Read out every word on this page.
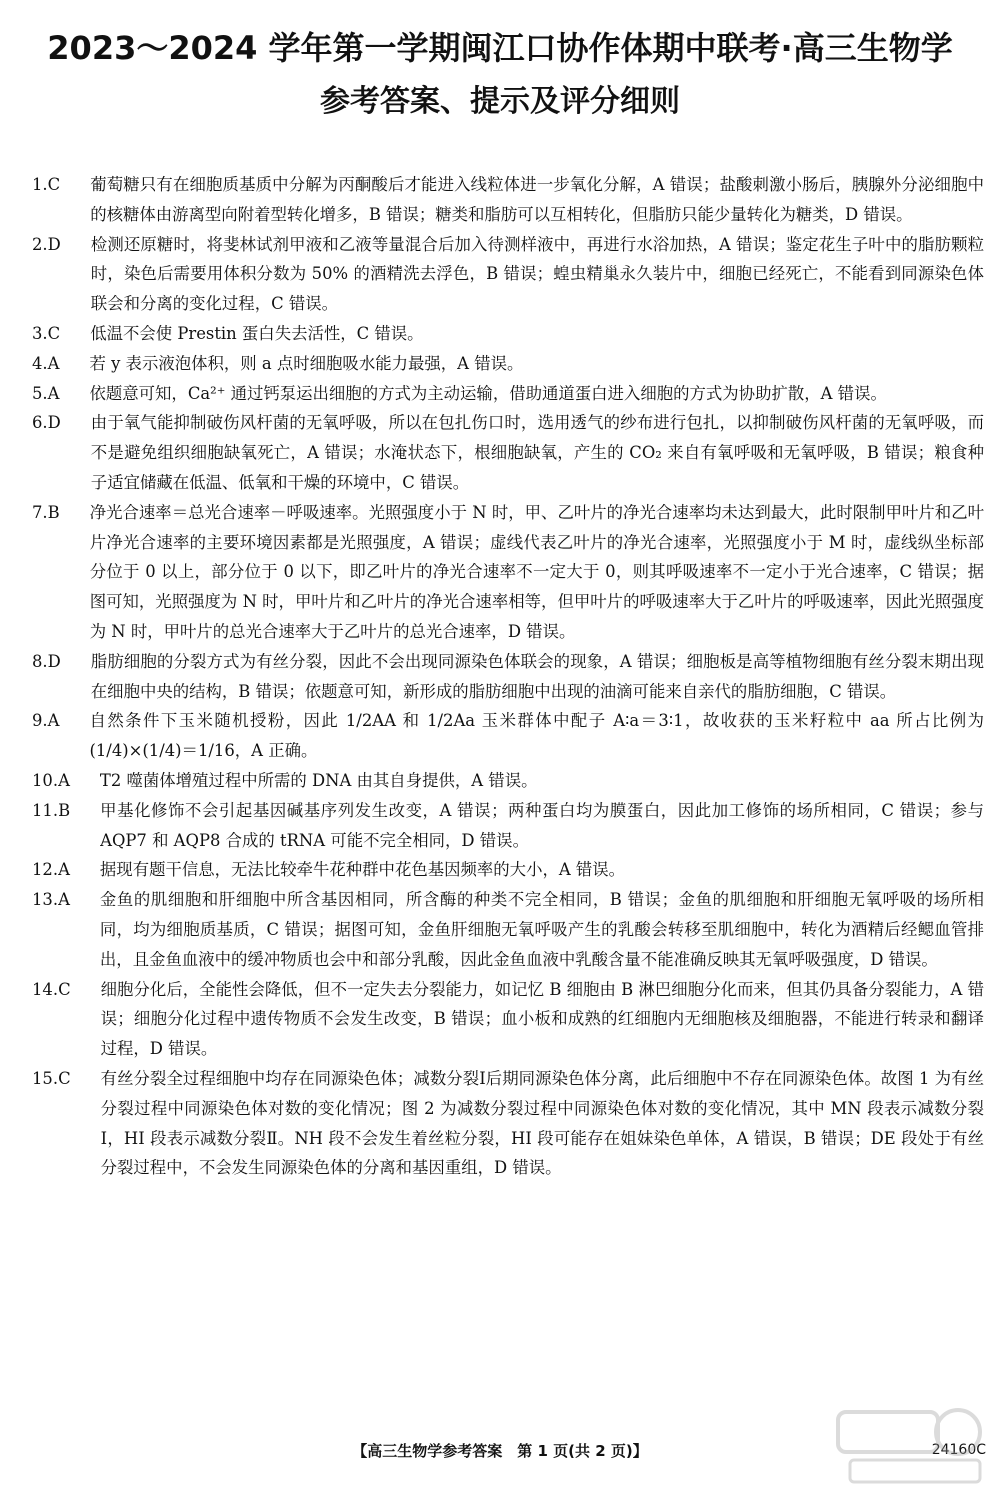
2023～2024 学年第一学期闽江口协作体期中联考·高三生物学
参考答案、提示及评分细则
1.C	葡萄糖只有在细胞质基质中分解为丙酮酸后才能进入线粒体进一步氧化分解，A 错误；盐酸刺激小肠后，胰腺外分泌细胞中的核糖体由游离型向附着型转化增多，B 错误；糖类和脂肪可以互相转化，但脂肪只能少量转化为糖类，D 错误。
2.D	检测还原糖时，将斐林试剂甲液和乙液等量混合后加入待测样液中，再进行水浴加热，A 错误；鉴定花生子叶中的脂肪颗粒时，染色后需要用体积分数为 50% 的酒精洗去浮色，B 错误；蝗虫精巢永久装片中，细胞已经死亡，不能看到同源染色体联会和分离的变化过程，C 错误。
3.C	低温不会使 Prestin 蛋白失去活性，C 错误。
4.A	若 y 表示液泡体积，则 a 点时细胞吸水能力最强，A 错误。
5.A	依题意可知，Ca²⁺ 通过钙泵运出细胞的方式为主动运输，借助通道蛋白进入细胞的方式为协助扩散，A 错误。
6.D	由于氧气能抑制破伤风杆菌的无氧呼吸，所以在包扎伤口时，选用透气的纱布进行包扎，以抑制破伤风杆菌的无氧呼吸，而不是避免组织细胞缺氧死亡，A 错误；水淹状态下，根细胞缺氧，产生的 CO₂ 来自有氧呼吸和无氧呼吸，B 错误；粮食种子适宜储藏在低温、低氧和干燥的环境中，C 错误。
7.B	净光合速率＝总光合速率－呼吸速率。光照强度小于 N 时，甲、乙叶片的净光合速率均未达到最大，此时限制甲叶片和乙叶片净光合速率的主要环境因素都是光照强度，A 错误；虚线代表乙叶片的净光合速率，光照强度小于 M 时，虚线纵坐标部分位于 0 以上，部分位于 0 以下，即乙叶片的净光合速率不一定大于 0，则其呼吸速率不一定小于光合速率，C 错误；据图可知，光照强度为 N 时，甲叶片和乙叶片的净光合速率相等，但甲叶片的呼吸速率大于乙叶片的呼吸速率，因此光照强度为 N 时，甲叶片的总光合速率大于乙叶片的总光合速率，D 错误。
8.D	脂肪细胞的分裂方式为有丝分裂，因此不会出现同源染色体联会的现象，A 错误；细胞板是高等植物细胞有丝分裂末期出现在细胞中央的结构，B 错误；依题意可知，新形成的脂肪细胞中出现的油滴可能来自亲代的脂肪细胞，C 错误。
9.A	自然条件下玉米随机授粉，因此 1/2AA 和 1/2Aa 玉米群体中配子 A∶a＝3∶1，故收获的玉米籽粒中 aa 所占比例为(1/4)×(1/4)＝1/16，A 正确。
10.A	T2 噬菌体增殖过程中所需的 DNA 由其自身提供，A 错误。
11.B	甲基化修饰不会引起基因碱基序列发生改变，A 错误；两种蛋白均为膜蛋白，因此加工修饰的场所相同，C 错误；参与 AQP7 和 AQP8 合成的 tRNA 可能不完全相同，D 错误。
12.A	据现有题干信息，无法比较牵牛花种群中花色基因频率的大小，A 错误。
13.A	金鱼的肌细胞和肝细胞中所含基因相同，所含酶的种类不完全相同，B 错误；金鱼的肌细胞和肝细胞无氧呼吸的场所相同，均为细胞质基质，C 错误；据图可知，金鱼肝细胞无氧呼吸产生的乳酸会转移至肌细胞中，转化为酒精后经鳃血管排出，且金鱼血液中的缓冲物质也会中和部分乳酸，因此金鱼血液中乳酸含量不能准确反映其无氧呼吸强度，D 错误。
14.C	细胞分化后，全能性会降低，但不一定失去分裂能力，如记忆 B 细胞由 B 淋巴细胞分化而来，但其仍具备分裂能力，A 错误；细胞分化过程中遗传物质不会发生改变，B 错误；血小板和成熟的红细胞内无细胞核及细胞器，不能进行转录和翻译过程，D 错误。
15.C	有丝分裂全过程细胞中均存在同源染色体；减数分裂Ⅰ后期同源染色体分离，此后细胞中不存在同源染色体。故图 1 为有丝分裂过程中同源染色体对数的变化情况；图 2 为减数分裂过程中同源染色体对数的变化情况，其中 MN 段表示减数分裂Ⅰ，HI 段表示减数分裂Ⅱ。NH 段不会发生着丝粒分裂，HI 段可能存在姐妹染色单体，A 错误，B 错误；DE 段处于有丝分裂过程中，不会发生同源染色体的分离和基因重组，D 错误。
【高三生物学参考答案　第 1 页(共 2 页)】	24160C
